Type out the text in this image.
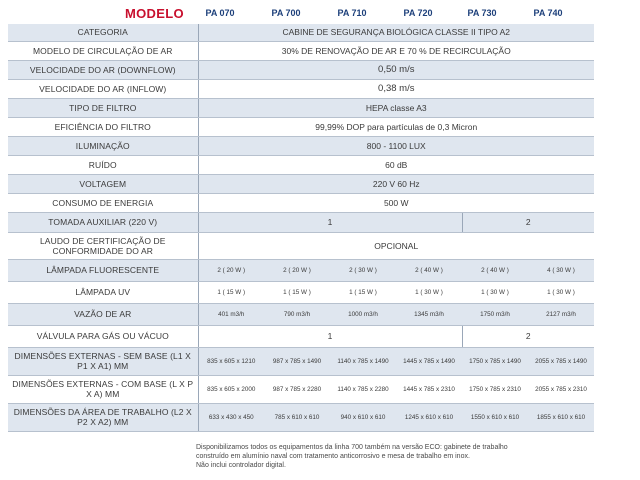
MODELO	PA 070	PA 700	PA 710	PA 720	PA 730	PA 740
CATEGORIA	CABINE DE SEGURANÇA BIOLÓGICA CLASSE II TIPO A2					
MODELO DE CIRCULAÇÃO DE AR	30% DE RENOVAÇÃO DE AR E 70 % DE RECIRCULAÇÃO					
VELOCIDADE DO AR (DOWNFLOW)	0,50 m/s					
VELOCIDADE DO AR (INFLOW)	0,38 m/s					
TIPO DE FILTRO	HEPA classe A3					
EFICIÊNCIA DO FILTRO	99,99% DOP para partículas de 0,3 Micron					
ILUMINAÇÃO	800 - 1100 LUX					
RUÍDO	60 dB					
VOLTAGEM	220 V 60 Hz					
CONSUMO DE ENERGIA	500 W					
TOMADA AUXILIAR (220 V)	1				2	
LAUDO DE CERTIFICAÇÃO DE CONFORMIDADE DO AR	OPCIONAL					
LÂMPADA FLUORESCENTE	2 ( 20 W )	2 ( 20 W )	2 ( 30 W )	2 ( 40 W )	2 ( 40 W )	4 ( 30 W )
LÂMPADA UV	1 ( 15 W )	1 ( 15 W )	1 ( 15 W )	1 ( 30 W )	1 ( 30 W )	1 ( 30 W )
VAZÃO DE AR	401 m3/h	790 m3/h	1000 m3/h	1345 m3/h	1750 m3/h	2127 m3/h
VÁLVULA PARA GÁS OU VÁCUO	1				2	
DIMENSÕES EXTERNAS - SEM BASE (L1 X P1 X A1) MM	835 x 605 x 1210	987 x 785 x 1490	1140 x 785 x 1490	1445 x 785 x 1490	1750 x 785 x 1490	2055 x 785 x 1490
DIMENSÕES EXTERNAS - COM BASE (L X P X A) MM	835 x 605 x 2000	987 x 785 x 2280	1140 x 785 x 2280	1445 x 785 x 2310	1750 x 785 x 2310	2055 x 785 x 2310
DIMENSÕES DA ÁREA DE TRABALHO (L2 X P2 X A2) MM	633 x 430 x 450	785 x 610 x 610	940 x 610 x 610	1245 x 610 x 610	1550 x 610 x 610	1855 x 610 x 610
Disponibilizamos todos os equipamentos da linha 700 também na versão ECO: gabinete de trabalho
construído em alumínio naval com tratamento anticorrosivo e mesa de trabalho em inox.
Não inclui controlador digital.
